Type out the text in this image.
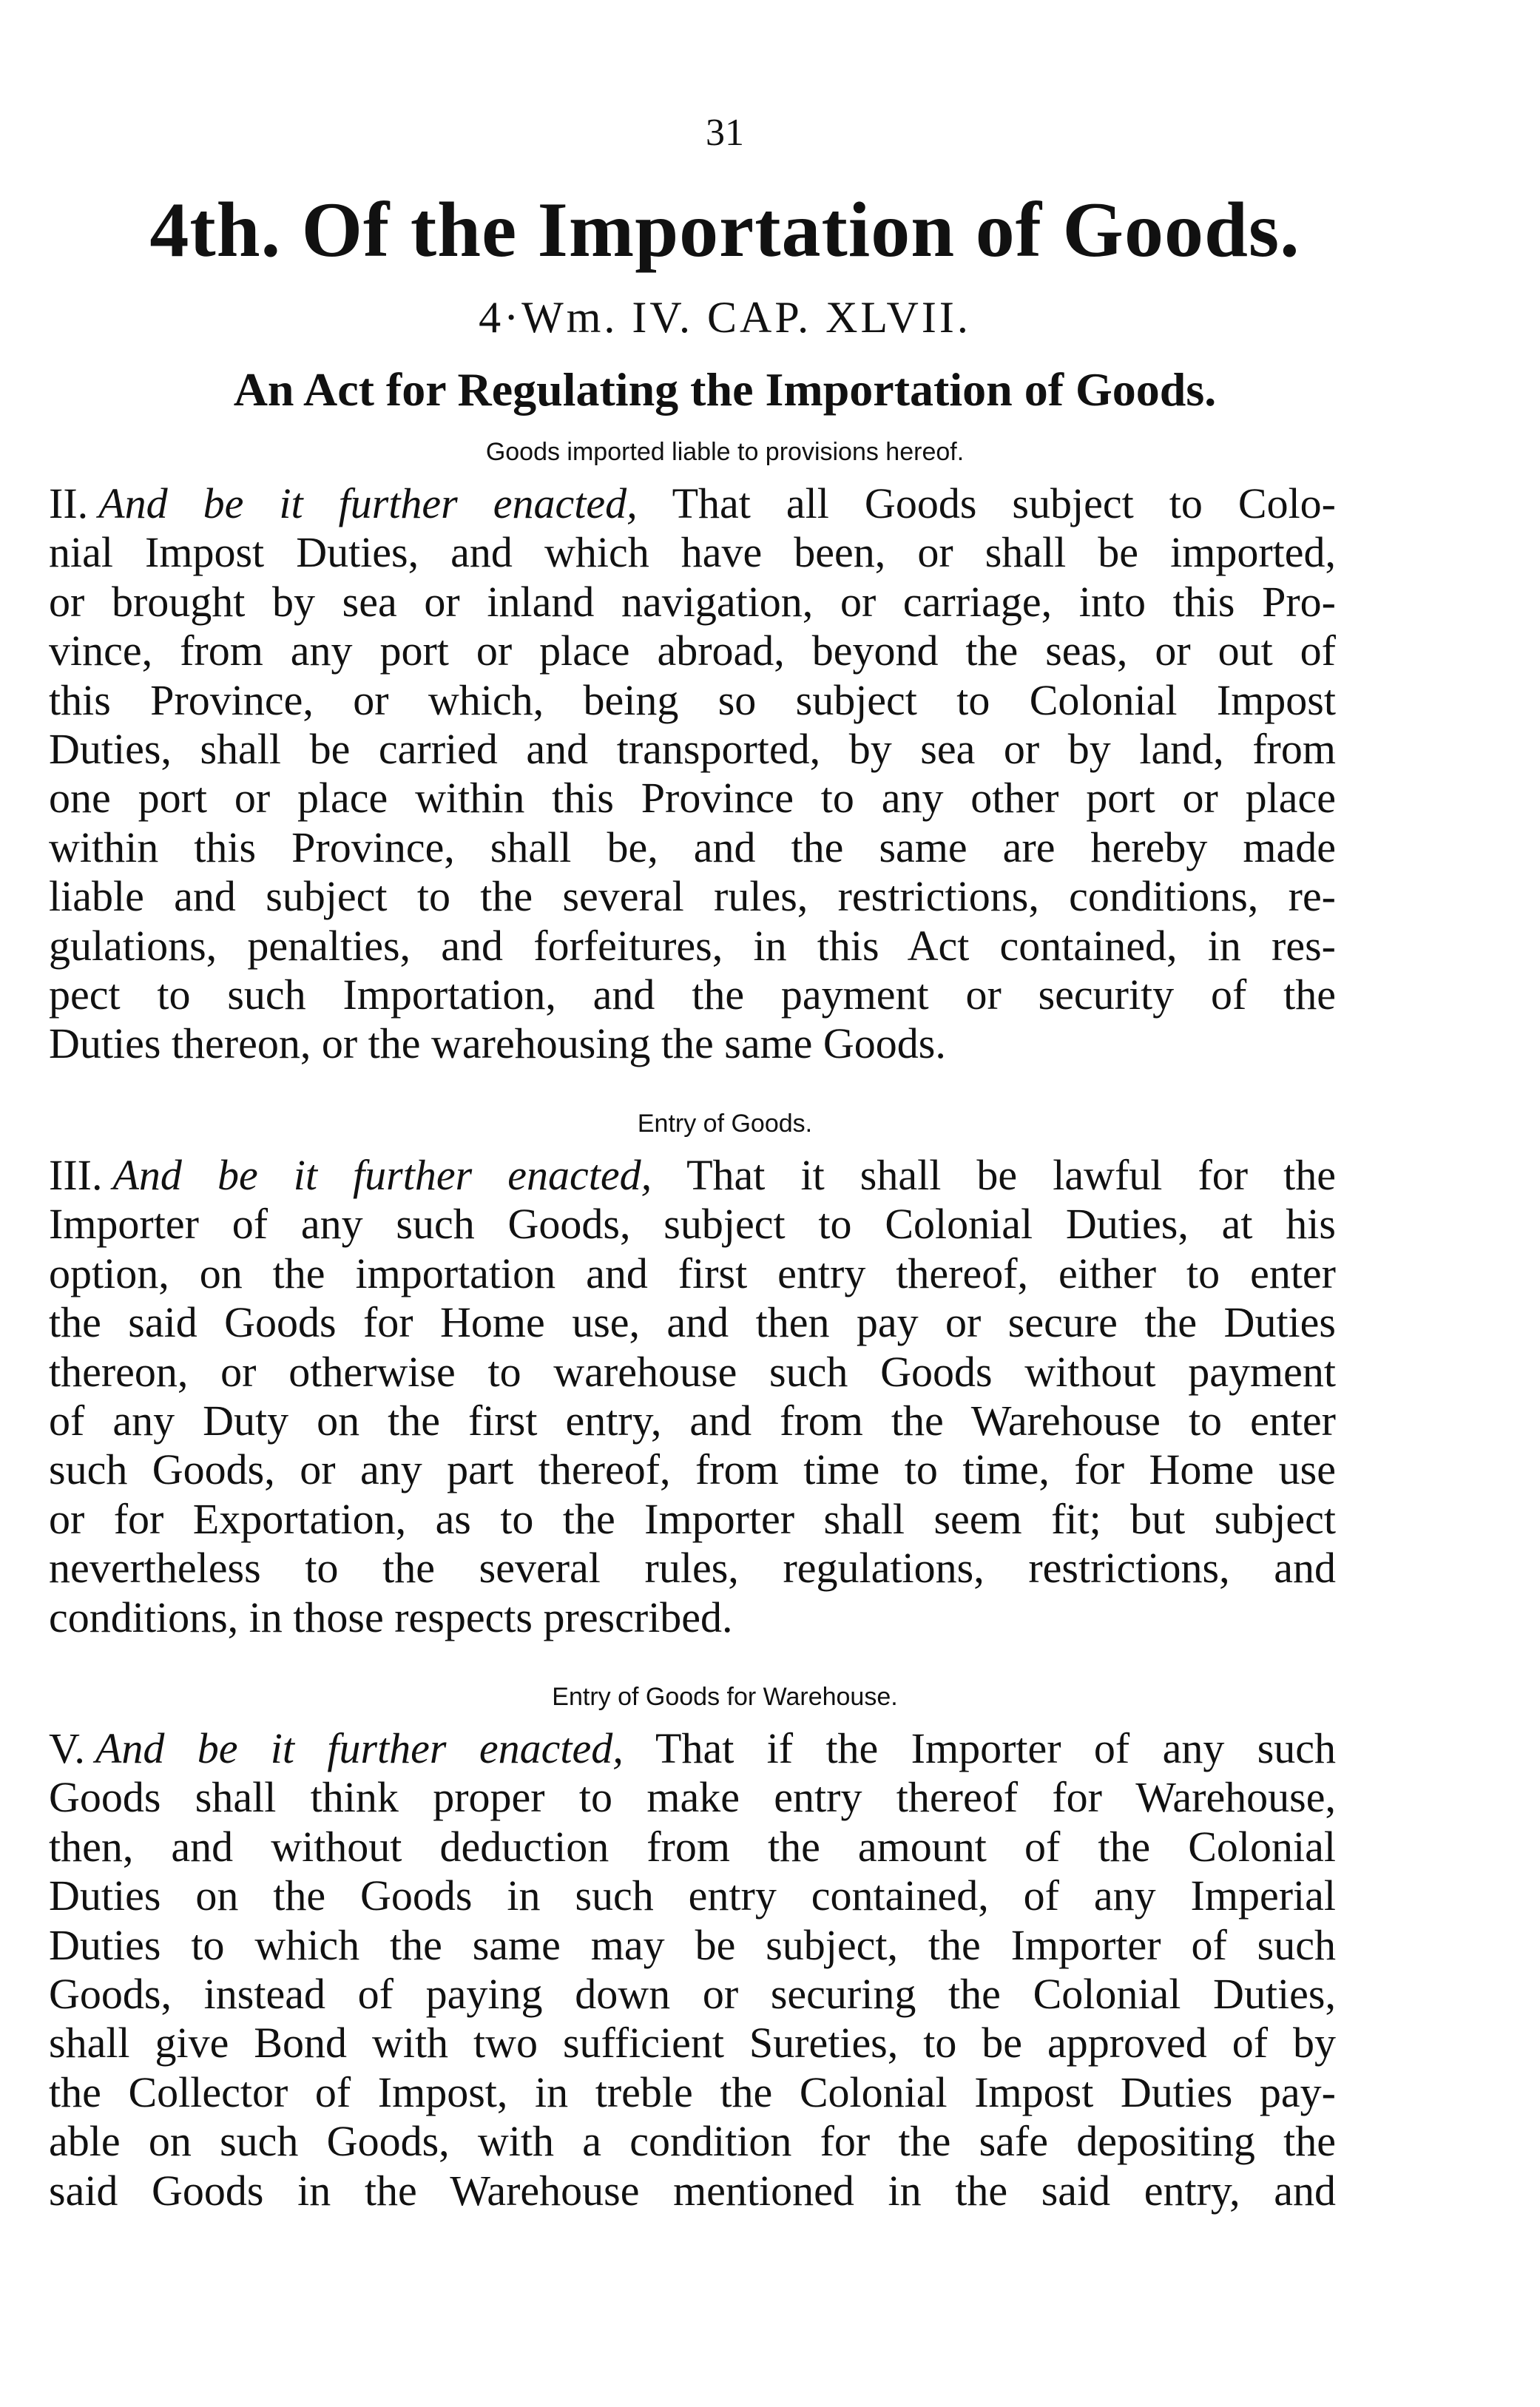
31
4th. Of the Importation of Goods.
4·Wm. IV. CAP. XLVII.
An Act for Regulating the Importation of Goods.
Goods imported liable to provisions hereof.
II. And be it further enacted, That all Goods subject to Colo-
nial Impost Duties, and which have been, or shall be imported,
or brought by sea or inland navigation, or carriage, into this Pro-
vince, from any port or place abroad, beyond the seas, or out of
this Province, or which, being so subject to Colonial Impost
Duties, shall be carried and transported, by sea or by land, from
one port or place within this Province to any other port or place
within this Province, shall be, and the same are hereby made
liable and subject to the several rules, restrictions, conditions, re-
gulations, penalties, and forfeitures, in this Act contained, in res-
pect to such Importation, and the payment or security of the
Duties thereon, or the warehousing the same Goods.
Entry of Goods.
III. And be it further enacted, That it shall be lawful for the
Importer of any such Goods, subject to Colonial Duties, at his
option, on the importation and first entry thereof, either to enter
the said Goods for Home use, and then pay or secure the Duties
thereon, or otherwise to warehouse such Goods without payment
of any Duty on the first entry, and from the Warehouse to enter
such Goods, or any part thereof, from time to time, for Home use
or for Exportation, as to the Importer shall seem fit; but subject
nevertheless to the several rules, regulations, restrictions, and
conditions, in those respects prescribed.
Entry of Goods for Warehouse.
V. And be it further enacted, That if the Importer of any such
Goods shall think proper to make entry thereof for Warehouse,
then, and without deduction from the amount of the Colonial
Duties on the Goods in such entry contained, of any Imperial
Duties to which the same may be subject, the Importer of such
Goods, instead of paying down or securing the Colonial Duties,
shall give Bond with two sufficient Sureties, to be approved of by
the Collector of Impost, in treble the Colonial Impost Duties pay-
able on such Goods, with a condition for the safe depositing the
said Goods in the Warehouse mentioned in the said entry, and
